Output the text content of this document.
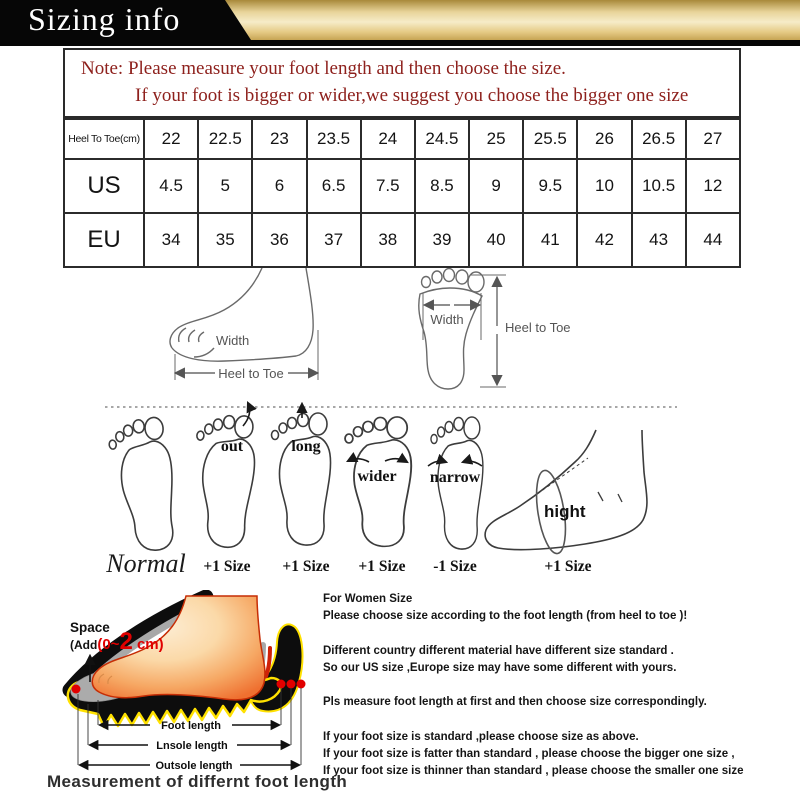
Sizing info
Note: Please measure your foot length and then choose the size.
If your foot is bigger or wider,we suggest you choose the bigger one size
Heel To Toe(cm)	22	22.5	23	23.5	24	24.5	25	25.5	26	26.5	27
US	4.5	5	6	6.5	7.5	8.5	9	9.5	10	10.5	12
EU	34	35	36	37	38	39	40	41	42	43	44
Width
Heel to Toe
Width
Heel to Toe
out	long
wider narrow
hight
Normal +1 Size +1 Size +1 Size -1 Size	+1 Size
Space
(Add(0~2 cm)
Foot length
Lnsole length
Outsole length
For Women Size
Please choose size according to the foot length (from heel to toe )!
Different country different material have different size standard .
So our US size ,Europe size may have some different with yours.
Pls measure foot length at first and then choose size correspondingly.
If your foot size is standard ,please choose size as above.
If your foot size is fatter than standard , please choose the bigger one size ,
If your foot size is thinner than standard , please choose the smaller one size
Measurement of differnt foot length
